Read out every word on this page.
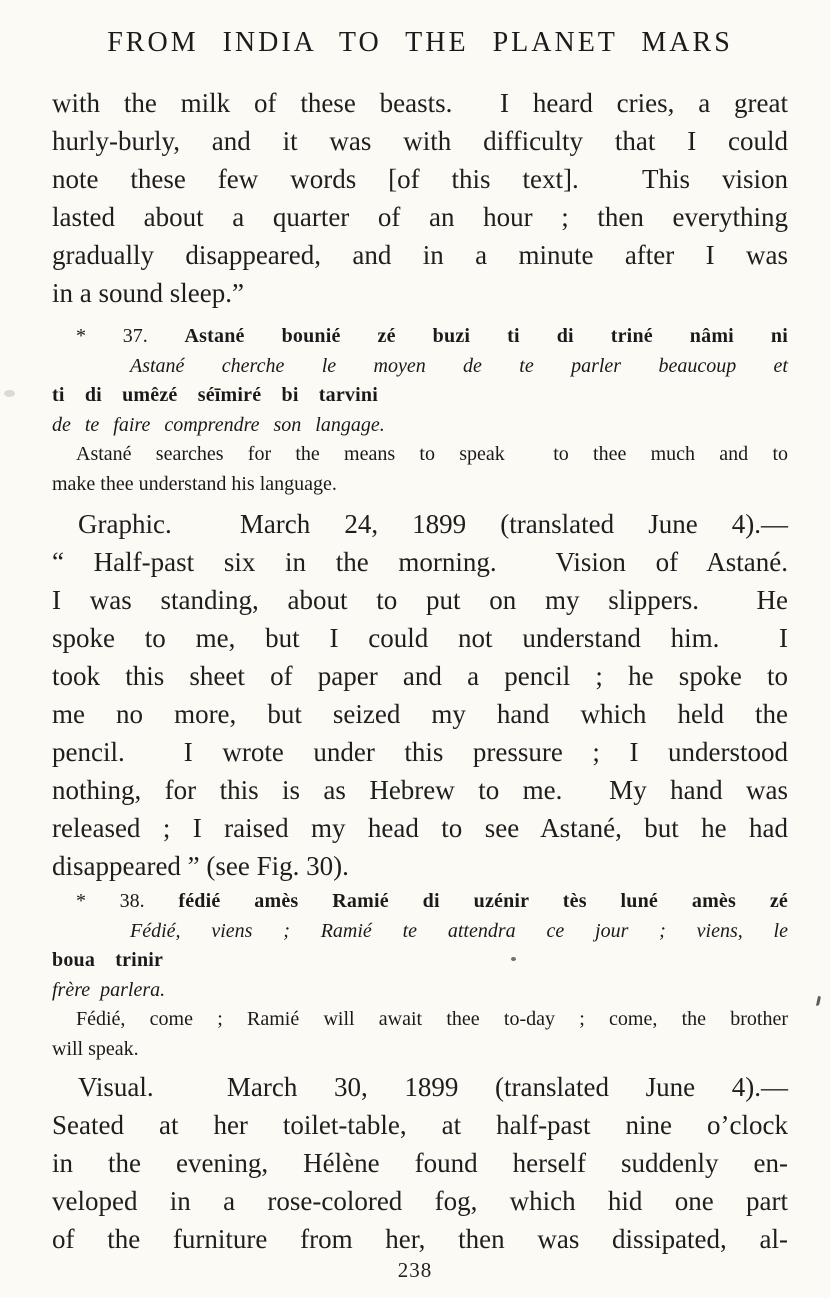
FROM INDIA TO THE PLANET MARS
with the milk of these beasts.  I heard cries, a great
hurly-burly, and it was with difficulty that I could
note these few words [of this text].  This vision
lasted about a quarter of an hour ; then everything
gradually disappeared, and in a minute after I was
in a sound sleep.”
* 37. Astané bounié zé buzi ti di triné nâmi ni
Astané cherche le moyen de te parler beaucoup et
ti di umêzé séīmiré bi tarvini
de te faire comprendre son langage.
Astané searches for the means to speak  to thee much and to
make thee understand his language.
Graphic.  March 24, 1899 (translated June 4).—
“ Half-past six in the morning.  Vision of Astané.
I was standing, about to put on my slippers.  He
spoke to me, but I could not understand him.  I
took this sheet of paper and a pencil ; he spoke to
me no more, but seized my hand which held the
pencil.  I wrote under this pressure ; I understood
nothing, for this is as Hebrew to me.  My hand was
released ; I raised my head to see Astané, but he had
disappeared ” (see Fig. 30).
* 38. fédié amès Ramié di uzénir tès luné amès zé
Fédié, viens ; Ramié te attendra ce jour ; viens, le
boua trinir
frère parlera.
Fédié, come ; Ramié will await thee to-day ; come, the brother
will speak.
Visual.  March 30, 1899 (translated June 4).—
Seated at her toilet-table, at half-past nine o’clock
in the evening, Hélène found herself suddenly en-
veloped in a rose-colored fog, which hid one part
of the furniture from her, then was dissipated, al-
238
